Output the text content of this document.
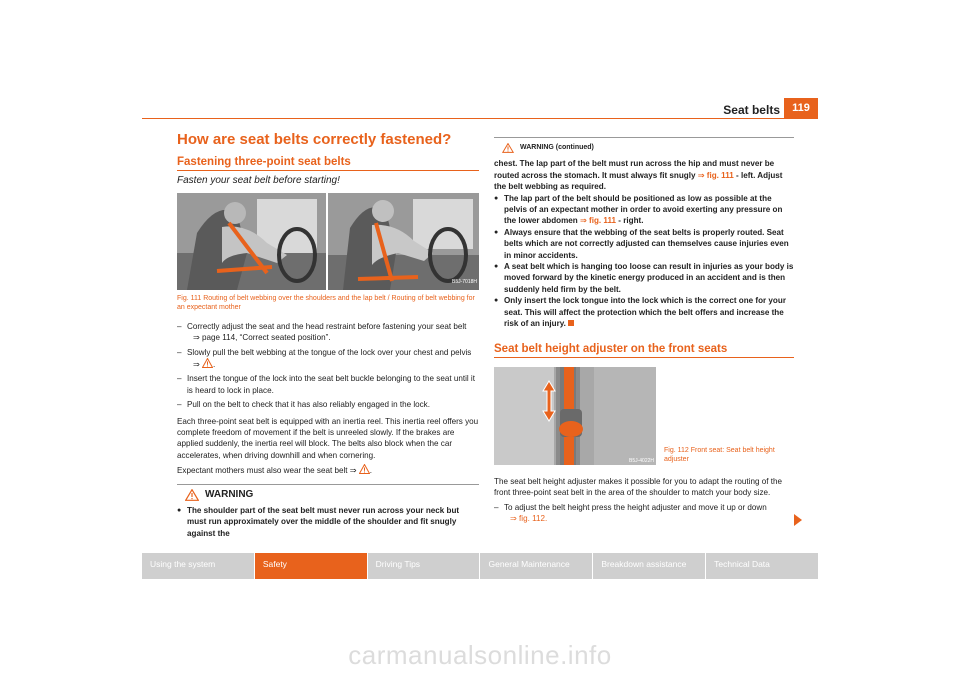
Seat belts	119
How are seat belts correctly fastened?
Fastening three-point seat belts
Fasten your seat belt before starting!
B5J-7018H
Fig. 111 Routing of belt webbing over the shoulders and the lap belt / Routing of belt webbing for an expectant mother
– Correctly adjust the seat and the head restraint before fastening your seat belt
⇒ page 114, “Correct seated position”.
– Slowly pull the belt webbing at the tongue of the lock over your chest and pelvis
⇒ .
– Insert the tongue of the lock into the seat belt buckle belonging to the seat until it is heard to lock in place.
– Pull on the belt to check that it has also reliably engaged in the lock.
Each three-point seat belt is equipped with an inertia reel. This inertia reel offers you complete freedom of movement if the belt is unreeled slowly. If the brakes are applied suddenly, the inertia reel will block. The belts also block when the car accelerates, when driving downhill and when cornering.
Expectant mothers must also wear the seat belt ⇒ .
WARNING
● The shoulder part of the seat belt must never run across your neck but must run approximately over the middle of the shoulder and fit snugly against the
WARNING (continued)
chest. The lap part of the belt must run across the hip and must never be routed across the stomach. It must always fit snugly ⇒ fig. 111 - left. Adjust the belt webbing as required.
● The lap part of the belt should be positioned as low as possible at the pelvis of an expectant mother in order to avoid exerting any pressure on the lower abdomen ⇒ fig. 111 - right.
● Always ensure that the webbing of the seat belts is properly routed. Seat belts which are not correctly adjusted can themselves cause injuries even in minor accidents.
● A seat belt which is hanging too loose can result in injuries as your body is moved forward by the kinetic energy produced in an accident and is then suddenly held firm by the belt.
● Only insert the lock tongue into the lock which is the correct one for your seat. This will affect the protection which the belt offers and increase the risk of an injury.
Seat belt height adjuster on the front seats
B5J-4022H
Fig. 112 Front seat: Seat belt height adjuster
The seat belt height adjuster makes it possible for you to adapt the routing of the front three-point seat belt in the area of the shoulder to match your body size.
– To adjust the belt height press the height adjuster and move it up or down
⇒ fig. 112.
Using the system	Safety	Driving Tips	General Maintenance	Breakdown assistance	Technical Data
carmanualsonline.info
